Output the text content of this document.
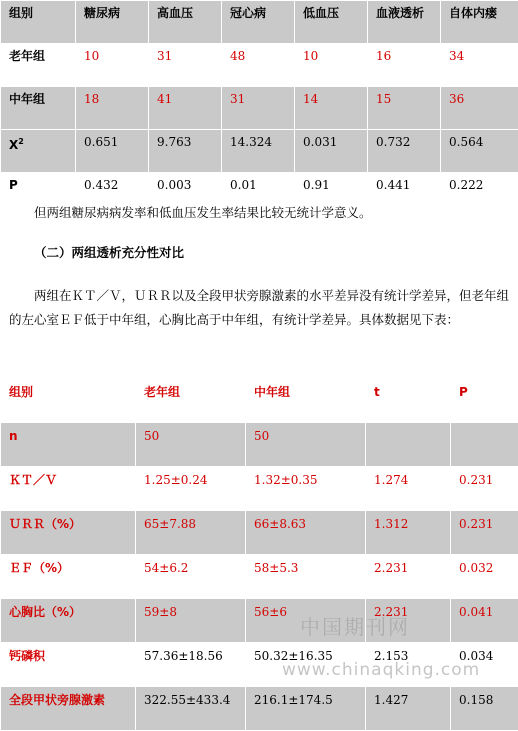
组别	糖尿病	高血压	冠心病	低血压	血液透析	自体内瘘
老年组	10	31	48	10	16	34
中年组	18	41	31	14	15	36
$X^2$	0.651	9.763	14.324	0.031	0.732	0.564
P	0.432	0.003	0.01	0.91	0.441	0.222

但两组糖尿病病发率和低血压发生率结果比较无统计学意义。

（二）两组透析充分性对比

两组在ＫＴ／Ｖ，ＵＲＲ以及全段甲状旁腺激素的水平差异没有统计学差异，但老年组的左心室ＥＦ低于中年组，心胸比高于中年组，有统计学差异。具体数据见下表：

组别	老年组	中年组	t	P
n	50	50		
ＫＴ／Ｖ	1.25±0.24	1.32±0.35	1.274	0.231
ＵＲＲ（%）	65±7.88	66±8.63	1.312	0.231
ＥＦ（%）	54±6.2	58±5.3	2.231	0.032
心胸比（%）	59±8	56±6	2.231	0.041
钙磷积	57.36±18.56	50.32±16.35	2.153	0.034
全段甲状旁腺激素	322.55±433.4	216.1±174.5	1.427	0.158
中国期刊网
www.chinaqking.com
